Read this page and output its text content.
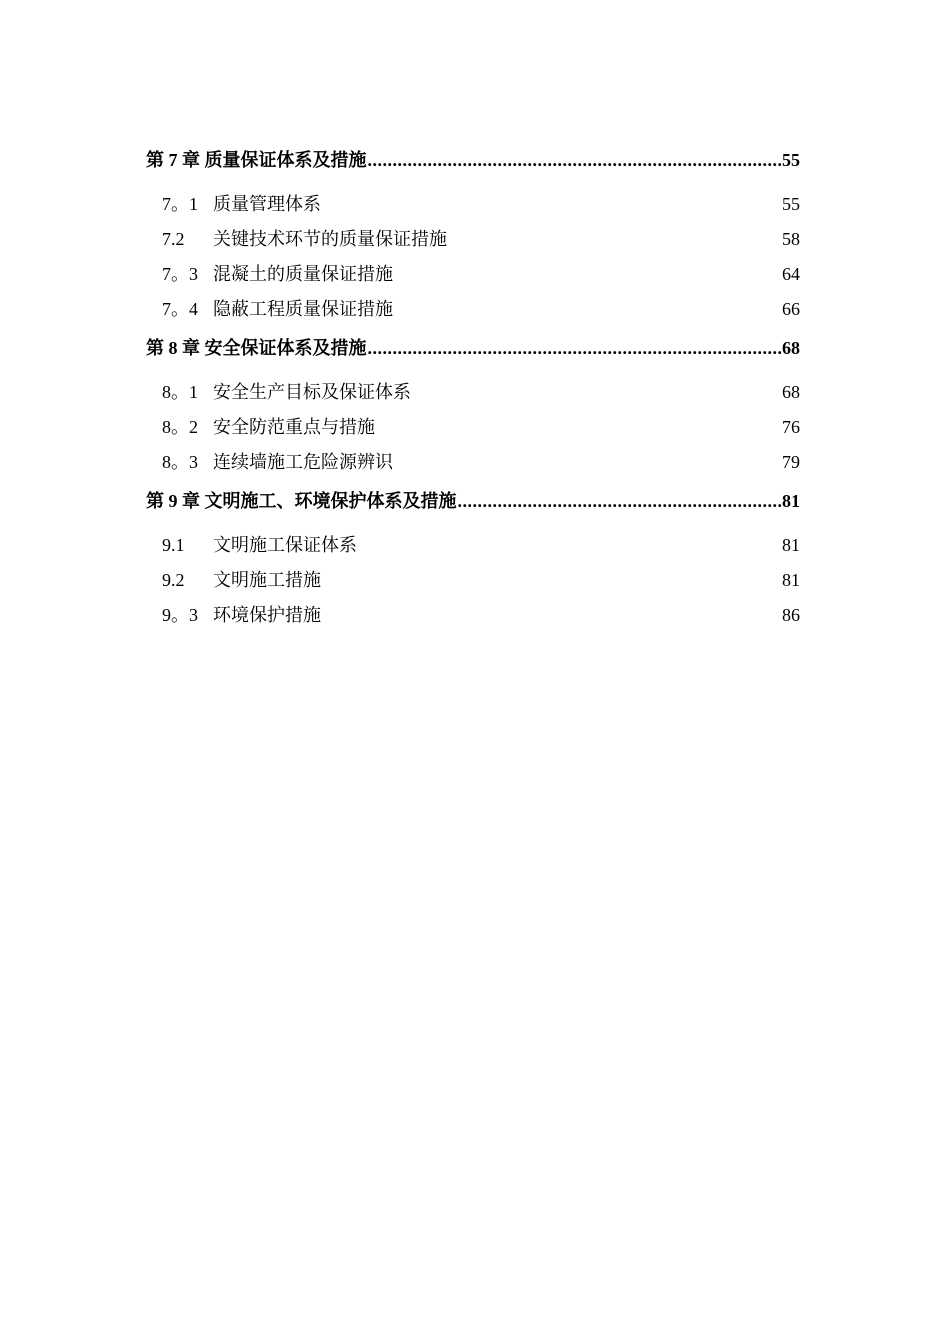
第 7 章 质量保证体系及措施 .....	55
7。1 质量管理体系	55
7.2	关键技术环节的质量保证措施	58
7。3 混凝土的质量保证措施	64
7。4 隐蔽工程质量保证措施	66
第 8 章 安全保证体系及措施 .....	68
8。1 安全生产目标及保证体系	68
8。2 安全防范重点与措施	76
8。3 连续墙施工危险源辨识	79
第 9 章 文明施工、环境保护体系及措施 .....	81
9.1	文明施工保证体系	81
9.2	文明施工措施	81
9。3 环境保护措施	86
